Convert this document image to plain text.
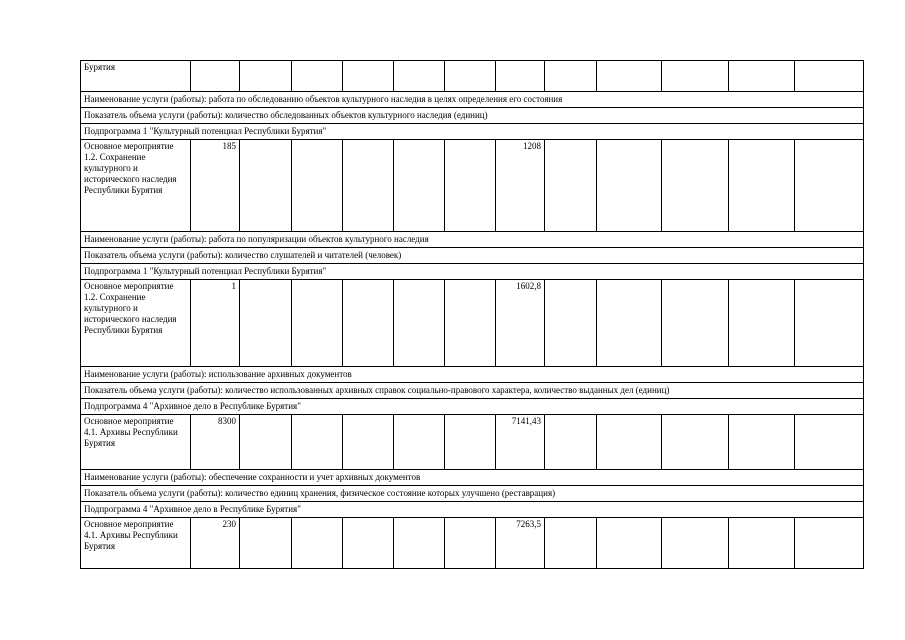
Бурятия												
Наименование услуги (работы): работа по обследованию объектов культурного наследия в целях определения его состояния												
Показатель объема услуги (работы): количество обследованных объектов культурного наследия (единиц)												
Подпрограмма 1 "Культурный потенциал Республики Бурятия"												
Основное мероприятие 1.2. Сохранение культурного и исторического наследия Республики Бурятия	185						1208					
Наименование услуги (работы): работа по популяризации объектов культурного наследия												
Показатель объема услуги (работы): количество слушателей и читателей (человек)												
Подпрограмма 1 "Культурный потенциал Республики Бурятия"												
Основное мероприятие 1.2. Сохранение культурного и исторического наследия Республики Бурятия	1						1602,8					
Наименование услуги (работы): использование архивных документов												
Показатель объема услуги (работы): количество использованных архивных справок социально-правового характера, количество выданных дел (единиц)												
Подпрограмма 4 "Архивное дело в Республике Бурятия"												
Основное мероприятие 4.1. Архивы Республики Бурятия	8300						7141,43					
Наименование услуги (работы): обеспечение сохранности и учет архивных документов												
Показатель объема услуги (работы): количество единиц хранения, физическое состояние которых улучшено (реставрация)												
Подпрограмма 4 "Архивное дело в Республике Бурятия"												
Основное мероприятие 4.1. Архивы Республики Бурятия	230						7263,5					
